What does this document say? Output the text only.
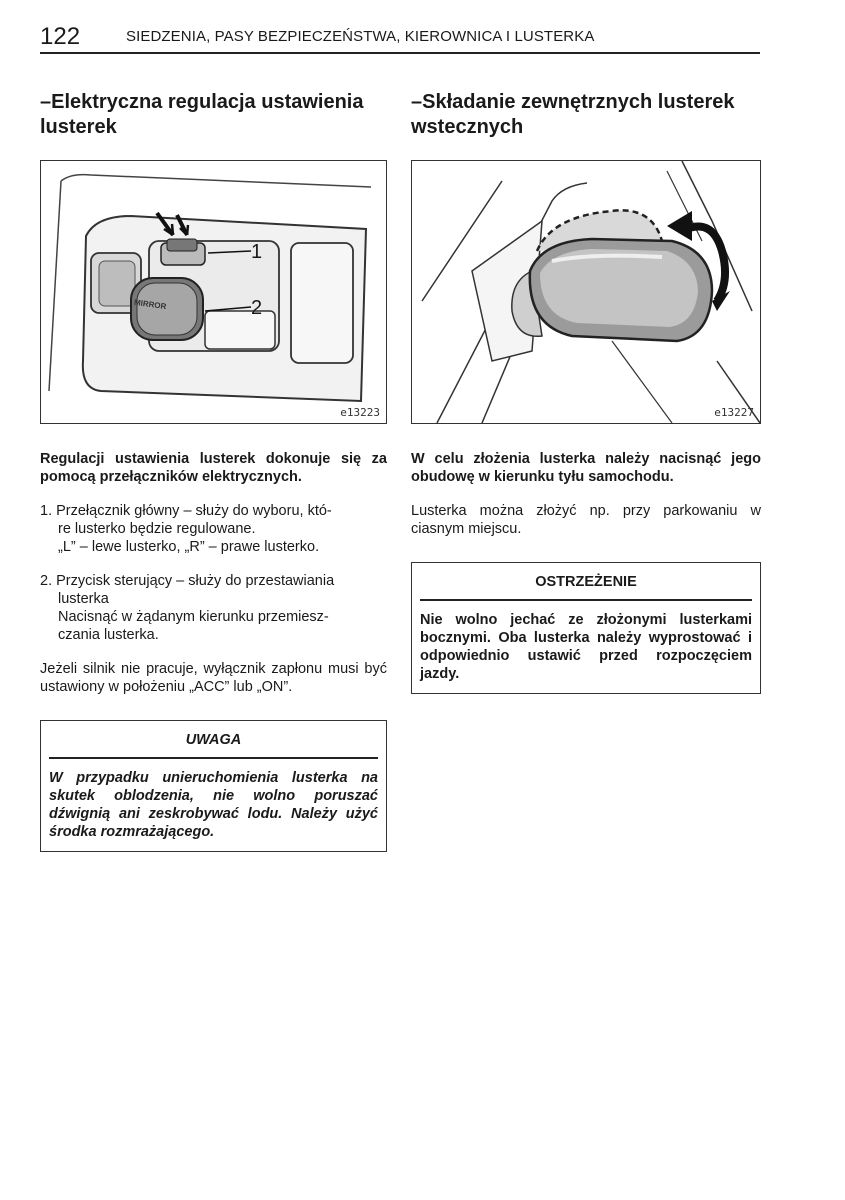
122	SIEDZENIA, PASY BEZPIECZEŃSTWA, KIEROWNICA I LUSTERKA
–Elektryczna regulacja ustawienia lusterek
MIRROR
1
2
e13223

Regulacji ustawienia lusterek dokonuje się za pomocą przełączników elektrycznych.

1. Przełącznik główny – służy do wyboru, któ-
re lusterko będzie regulowane.
„L” – lewe lusterko, „R” – prawe lusterko.
2. Przycisk sterujący – służy do przestawiania
lusterka
Nacisnąć w żądanym kierunku przemiesz-
czania lusterka.

Jeżeli silnik nie pracuje, wyłącznik zapłonu musi być ustawiony w położeniu „ACC” lub „ON”.

UWAGA
W przypadku unieruchomienia lusterka na skutek oblodzenia, nie wolno poruszać dźwignią ani zeskrobywać lodu. Należy użyć środka rozmrażającego.
–Składanie zewnętrznych lusterek wstecznych
e13227

W celu złożenia lusterka należy nacisnąć jego obudowę w kierunku tyłu samochodu.

Lusterka można złożyć np. przy parkowaniu w ciasnym miejscu.

OSTRZEŻENIE
Nie wolno jechać ze złożonymi lusterkami bocznymi. Oba lusterka należy wyprostować i odpowiednio ustawić przed rozpoczęciem jazdy.
